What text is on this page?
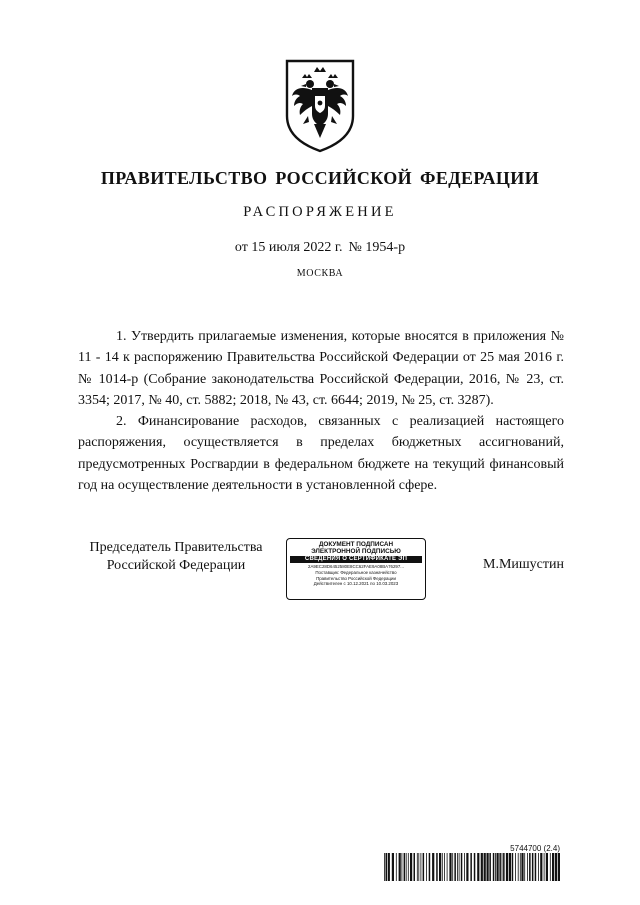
ПРАВИТЕЛЬСТВО РОССИЙСКОЙ ФЕДЕРАЦИИ
РАСПОРЯЖЕНИЕ
от 15 июля 2022 г. № 1954-р
МОСКВА

1. Утвердить прилагаемые изменения, которые вносятся в приложения № 11 - 14 к распоряжению Правительства Российской Федерации от 25 мая 2016 г. № 1014-р (Собрание законодательства Российской Федерации, 2016, № 23, ст. 3354; 2017, № 40, ст. 5882; 2018, № 43, ст. 6644; 2019, № 25, ст. 3287).

2. Финансирование расходов, связанных с реализацией настоящего распоряжения, осуществляется в пределах бюджетных ассигнований, предусмотренных Росгвардии в федеральном бюджете на текущий финансовый год на осуществление деятельности в установленной сфере.

Председатель Правительства
Российской Федерации
ДОКУМЕНТ ПОДПИСАН
ЭЛЕКТРОННОЙ ПОДПИСЬЮ
СВЕДЕНИЯ О СЕРТИФИКАТЕ ЭП
2A9EC28D6452580E8CC62FAE9A08BA76297...
Поставщик: Федеральное казначейство
Правительство Российской Федерации
Действителен с 10.12.2021 по 10.03.2023
М.Мишустин
5744700 (2.4)
